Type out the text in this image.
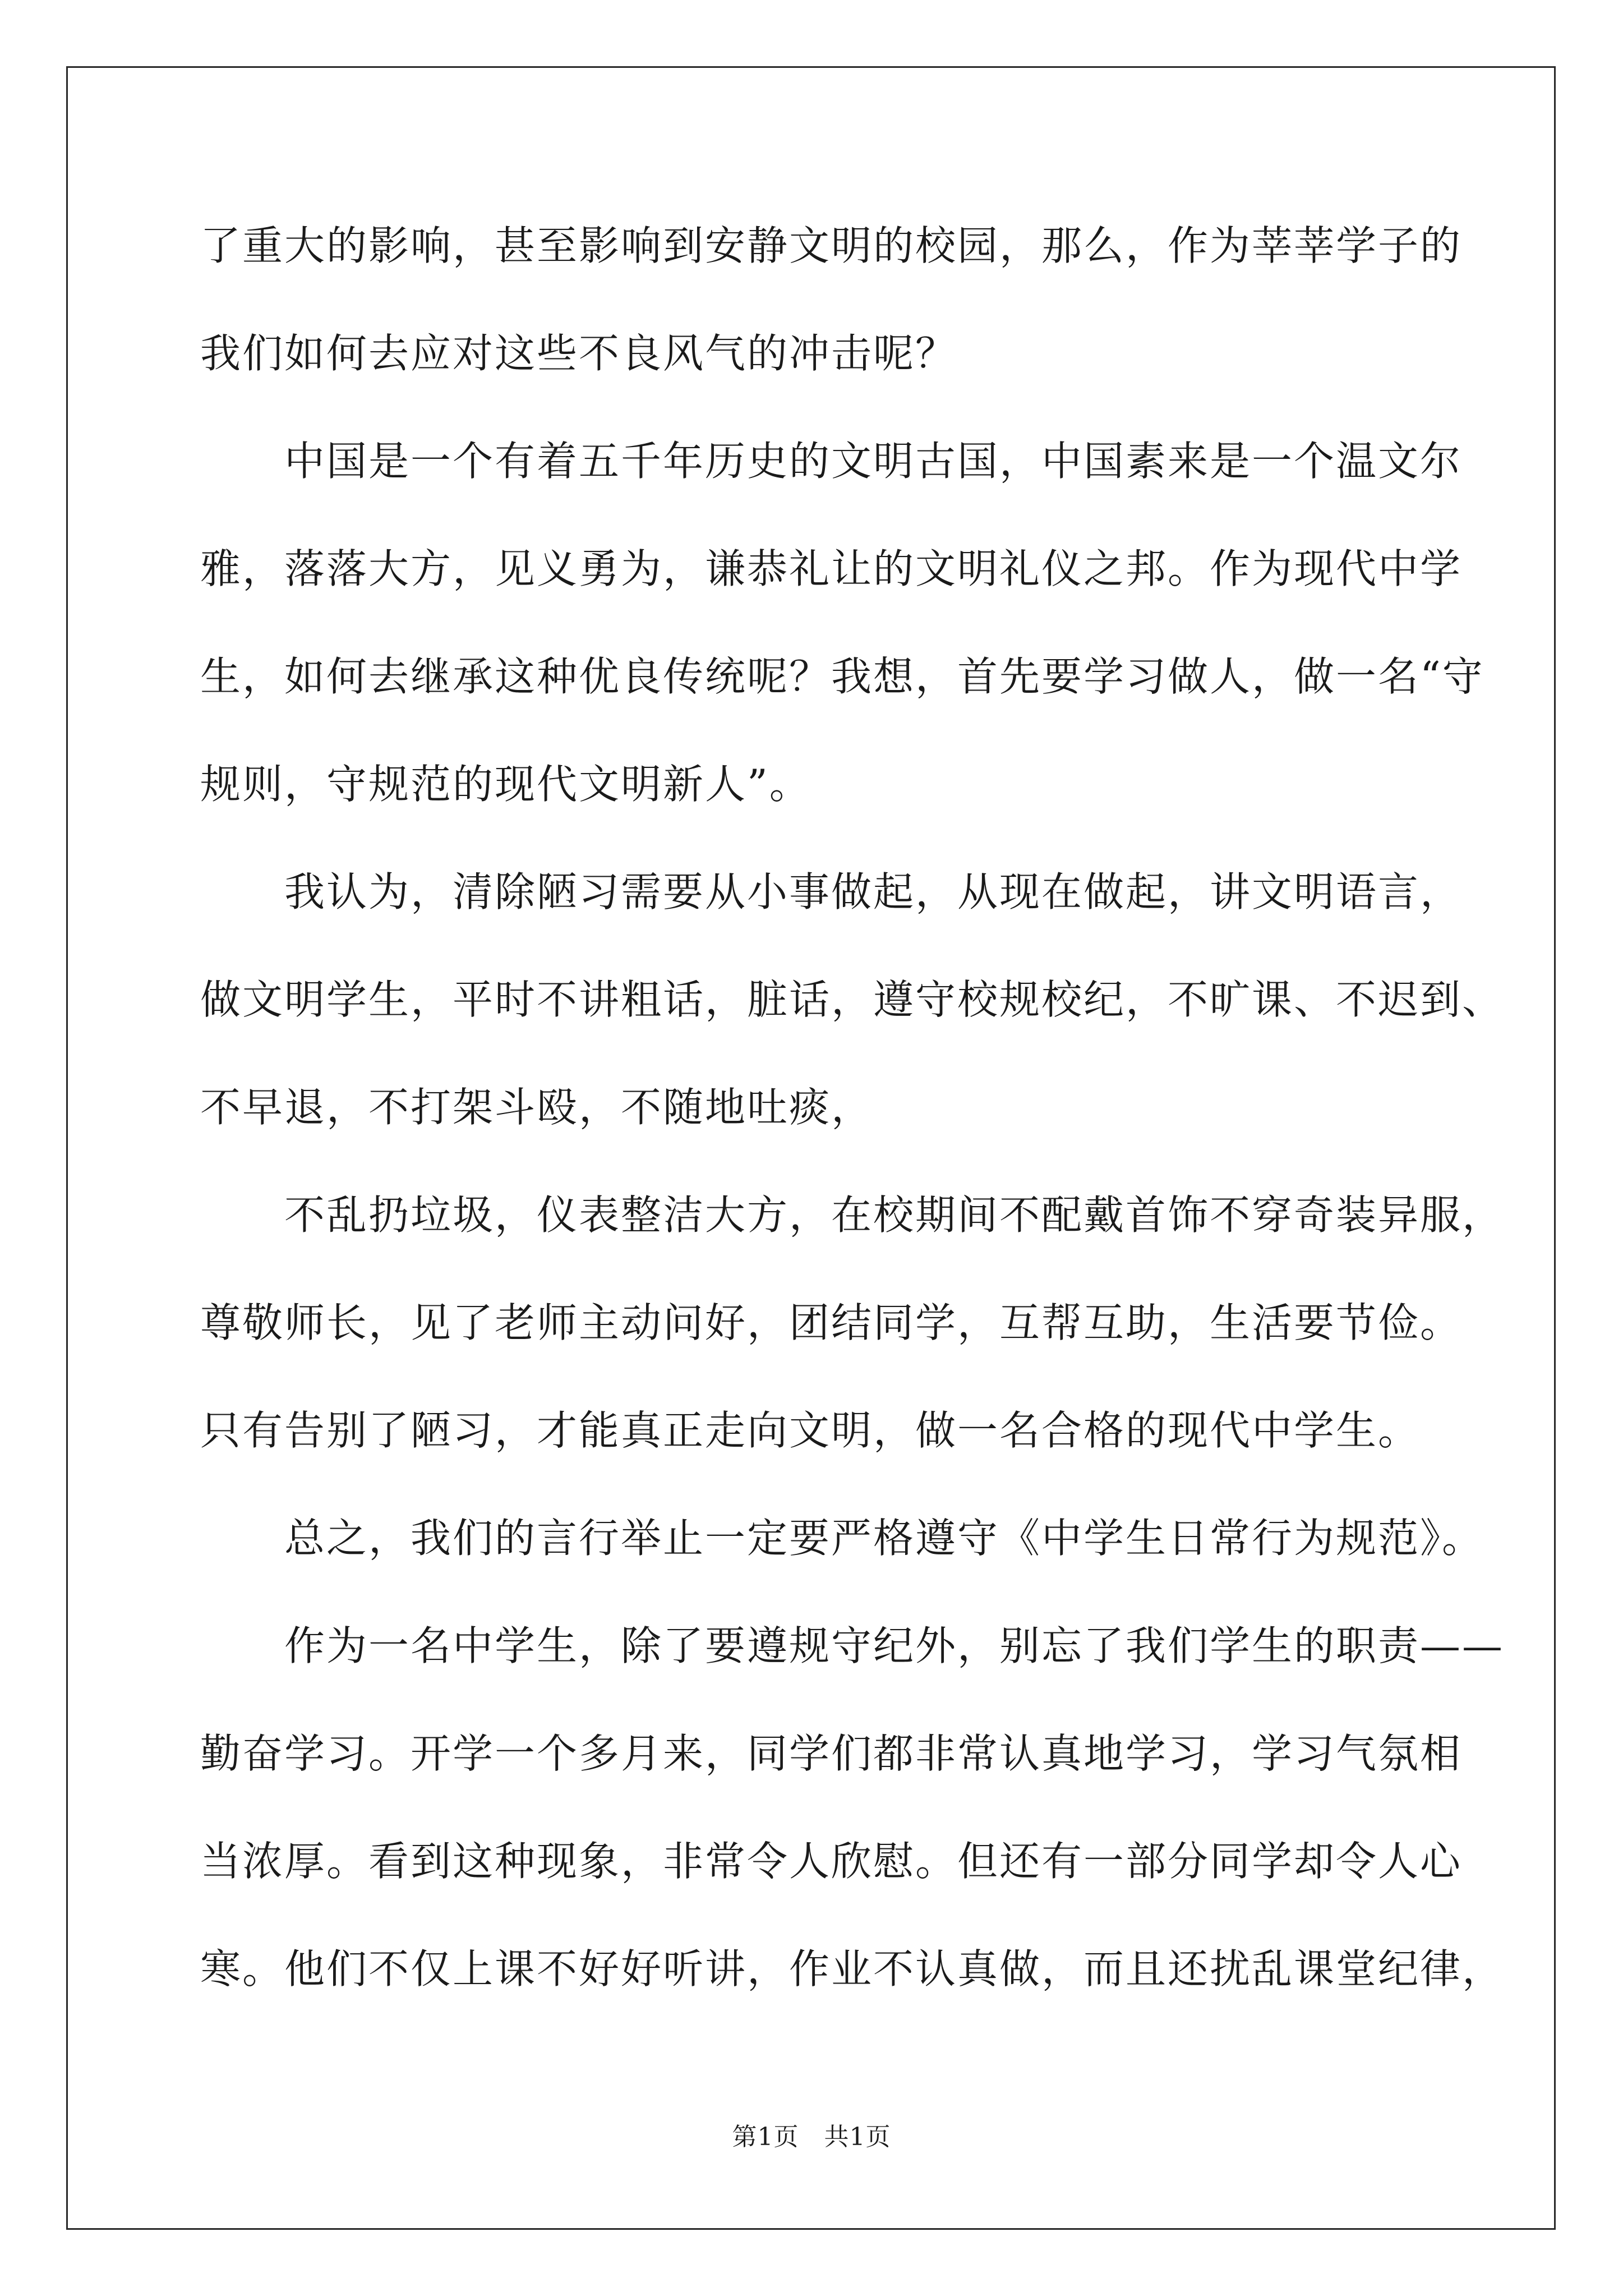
了重大的影响，甚至影响到安静文明的校园，那么，作为莘莘学子的
我们如何去应对这些不良风气的冲击呢？
中国是一个有着五千年历史的文明古国，中国素来是一个温文尔
雅，落落大方，见义勇为，谦恭礼让的文明礼仪之邦。作为现代中学
生，如何去继承这种优良传统呢？我想，首先要学习做人，做一名“守
规则，守规范的现代文明新人”。
我认为，清除陋习需要从小事做起，从现在做起，讲文明语言，
做文明学生，平时不讲粗话，脏话，遵守校规校纪，不旷课、不迟到、
不早退，不打架斗殴，不随地吐痰，
不乱扔垃圾，仪表整洁大方，在校期间不配戴首饰不穿奇装异服，
尊敬师长，见了老师主动问好，团结同学，互帮互助，生活要节俭。
只有告别了陋习，才能真正走向文明，做一名合格的现代中学生。
总之，我们的言行举止一定要严格遵守《中学生日常行为规范》。
作为一名中学生，除了要遵规守纪外，别忘了我们学生的职责——
勤奋学习。开学一个多月来，同学们都非常认真地学习，学习气氛相
当浓厚。看到这种现象，非常令人欣慰。但还有一部分同学却令人心
寒。他们不仅上课不好好听讲，作业不认真做，而且还扰乱课堂纪律，
第1页　共1页
